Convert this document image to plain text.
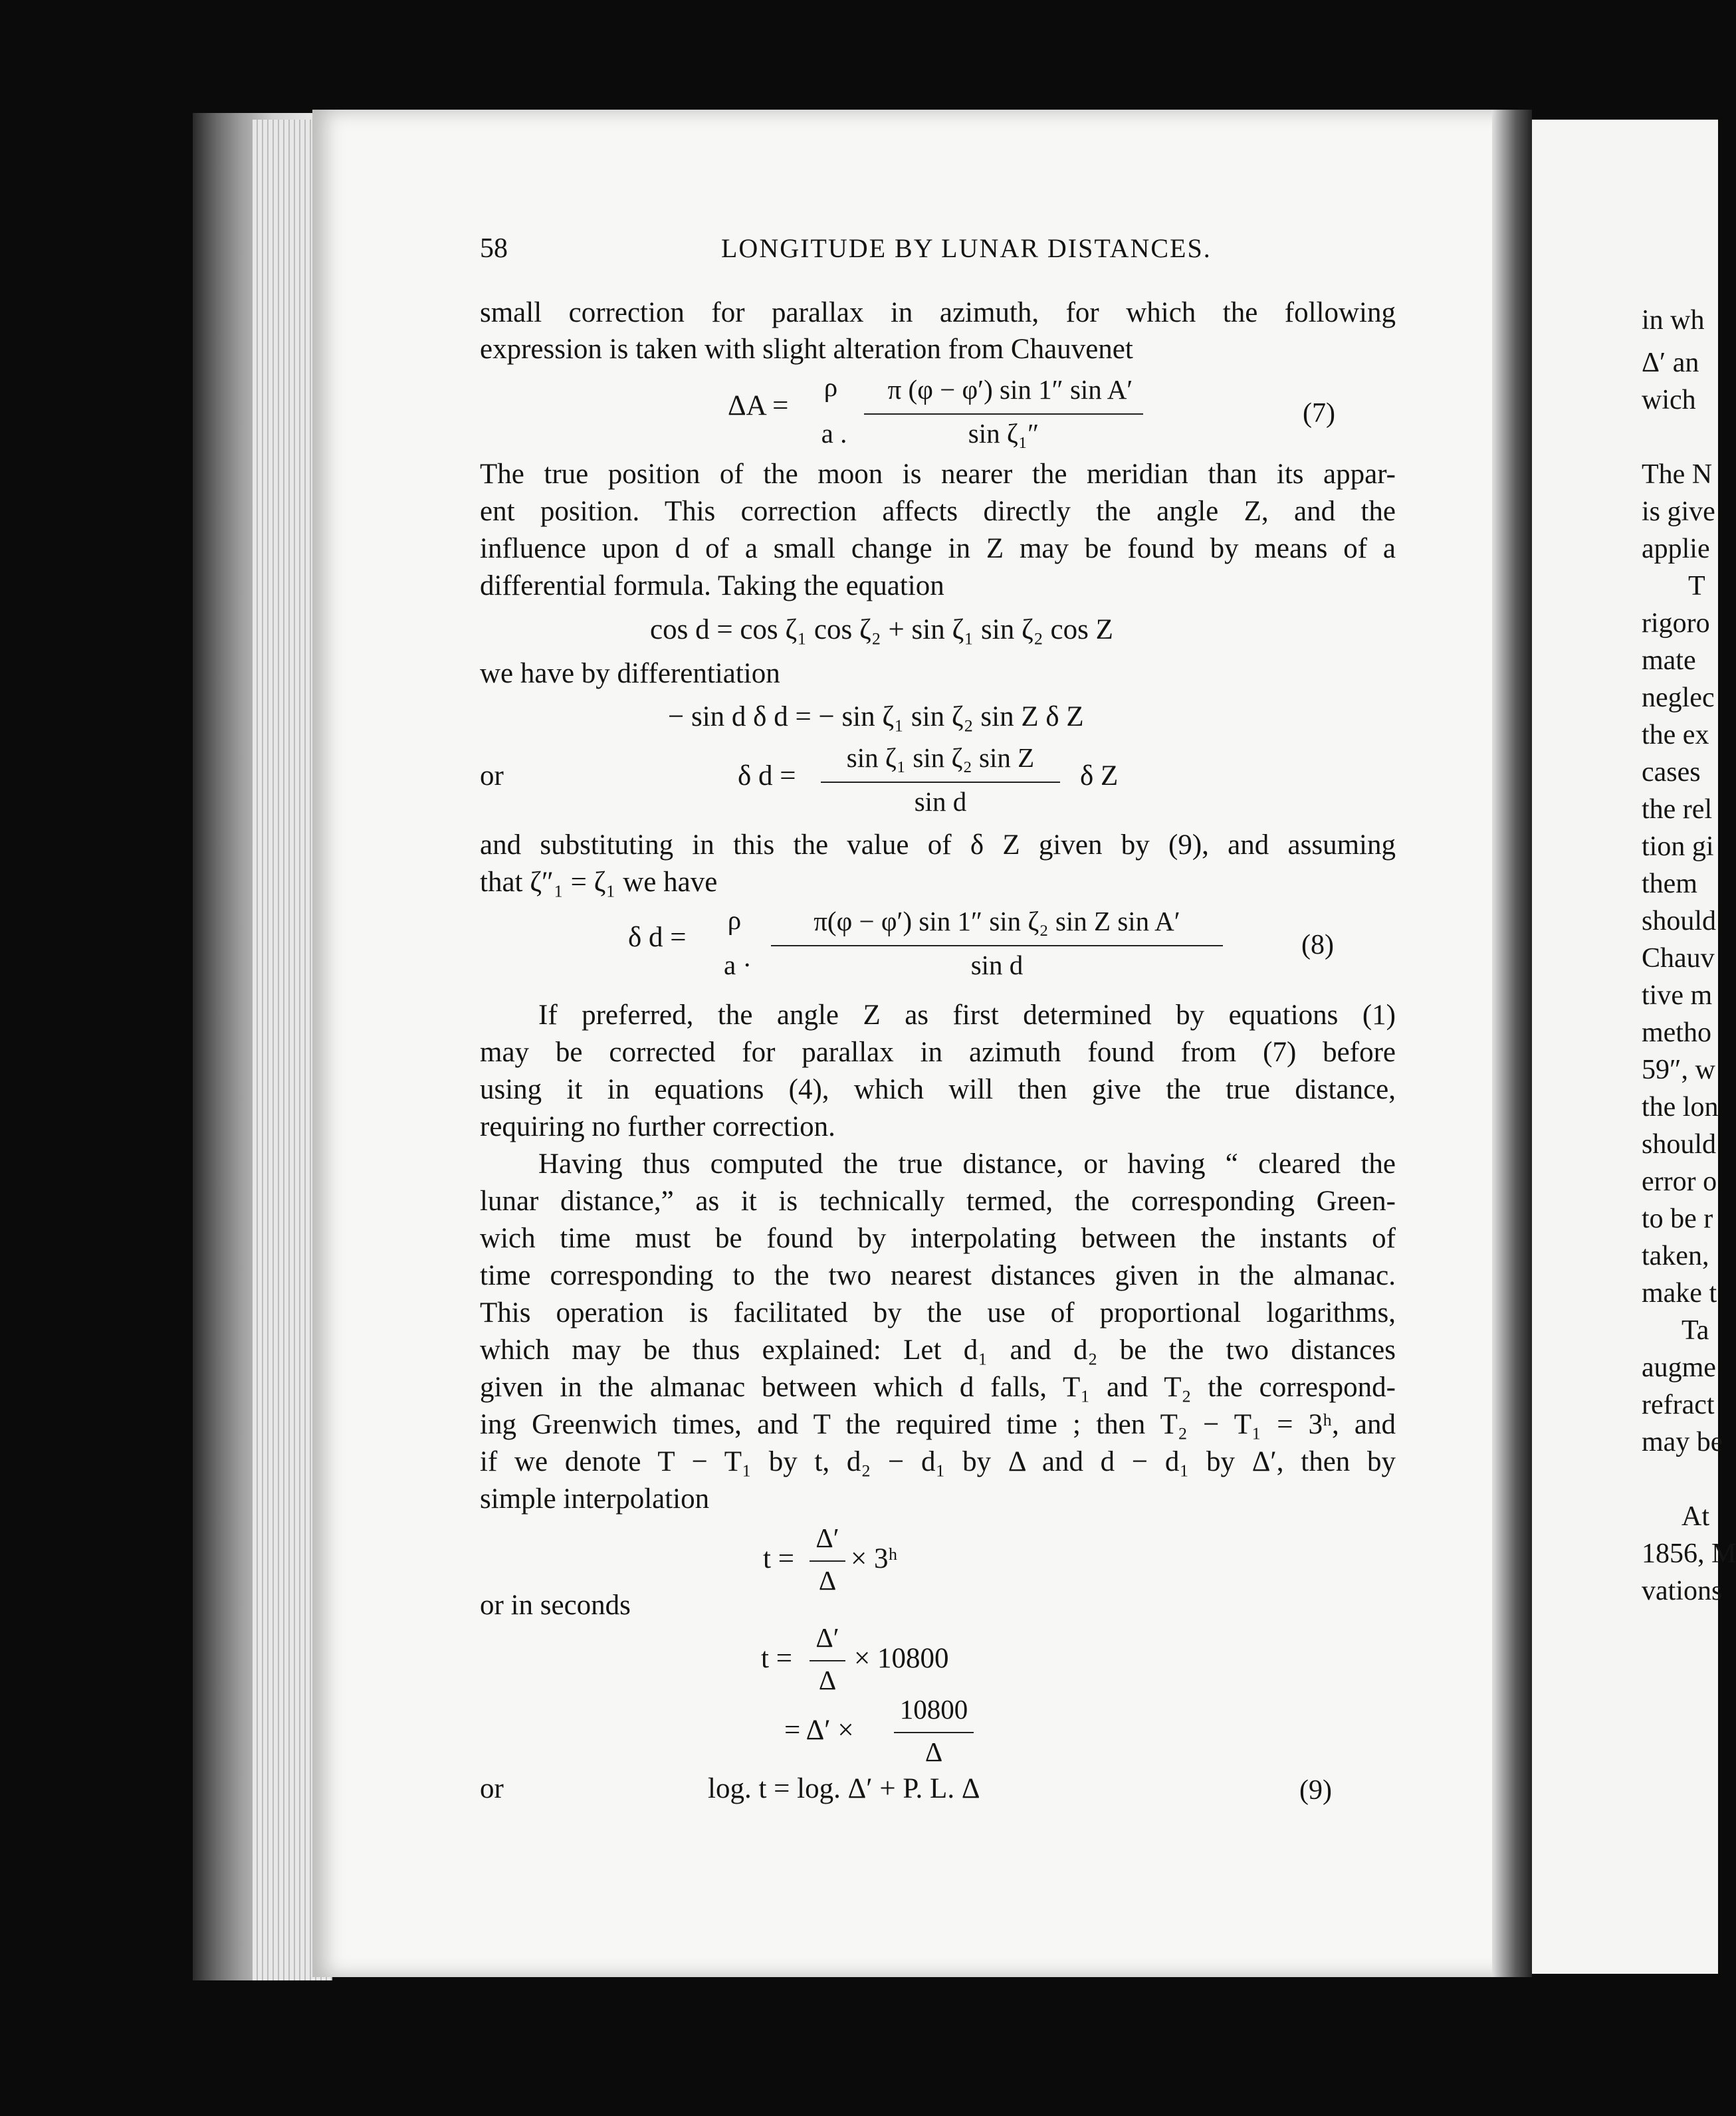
58	LONGITUDE BY LUNAR DISTANCES.
small correction for parallax in azimuth, for which the following
expression is taken with slight alteration from Chauvenet
ΔA =
ρ
a .
π (φ − φ′) sin 1″ sin A′
sin ζ₁″
(7)
The true position of the moon is nearer the meridian than its appar-
ent position. This correction affects directly the angle Z, and the
influence upon d of a small change in Z may be found by means of a
differential formula. Taking the equation
cos d = cos ζ₁ cos ζ₂ + sin ζ₁ sin ζ₂ cos Z
we have by differentiation
− sin d δ d = − sin ζ₁ sin ζ₂ sin Z δ Z
or	δ d =
sin ζ₁ sin ζ₂ sin Z
sin d
δ Z
and substituting in this the value of δ Z given by (9), and assuming
that ζ″₁ = ζ₁ we have
δ d =
ρ
a ·
π(φ − φ′) sin 1″ sin ζ₂ sin Z sin A′
sin d
(8)
If preferred, the angle Z as first determined by equations (1)
may be corrected for parallax in azimuth found from (7) before
using it in equations (4), which will then give the true distance,
requiring no further correction.
Having thus computed the true distance, or having “ cleared the
lunar distance,” as it is technically termed, the corresponding Green-
wich time must be found by interpolating between the instants of
time corresponding to the two nearest distances given in the almanac.
This operation is facilitated by the use of proportional logarithms,
which may be thus explained: Let d₁ and d₂ be the two distances
given in the almanac between which d falls, T₁ and T₂ the correspond-
ing Greenwich times, and T the required time ; then T₂ − T₁ = 3ʰ, and
if we denote T − T₁ by t, d₂ − d₁ by Δ and d − d₁ by Δ′, then by
simple interpolation
t =
Δ′
Δ
× 3ʰ
or in seconds
t =
Δ′
Δ
× 10800
= Δ′ ×
10800
Δ
or	log. t = log. Δ′ + P. L. Δ	(9)
in wh
Δ′ an
wich
The N
is give
applie
T
rigoro
mate
neglec
the ex
cases
the rel
tion gi
them
should
Chauv
tive m
metho
59″, w
the lon
should
error o
to be r
taken,
make t
Ta
augme
refract
may be
At
1856, M
vations
